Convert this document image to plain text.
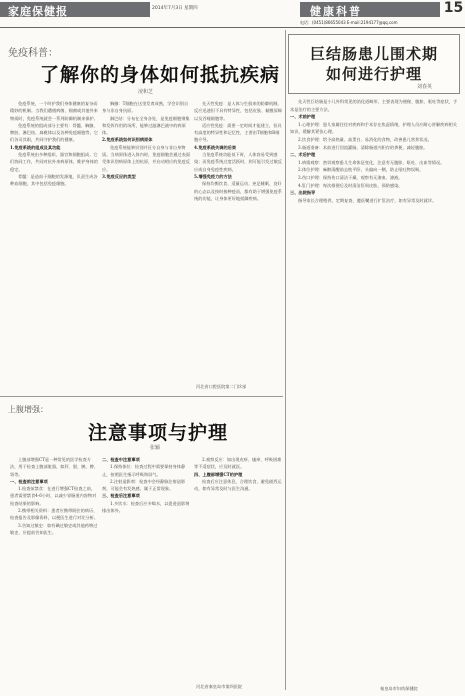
家庭保健报	2014年7月3日 星期四	健康科普	15
电话：(0451)86655043 E-mail:2194177@qq.com
免疫科普：
了解你的身体如何抵抗疾病
凌和芝

免疫系统，一个叫护我们身体健康的复杂而精妙的机制。当我们遭遇病菌、细菌或其他外来物质时，免疫系统就会一系列防御机制来保护。

免疫系统的组成部分主要有：骨髓、胸腺、脾脏、淋巴结、扁桃体以及各种免疫细胞等，它们各司其职，共同守护我们的健康。

1.免疫系统的组成及其功能

免疫系统由多种组织、器官和细胞组成。它们协同工作，共同对抗外来病原体，维护身体的稳定。

骨髓：是造血干细胞的发源地，负责生成各种血细胞，其中包括免疫细胞。

胸腺：T细胞在这里发育成熟，学会识别自身与非自身抗原。

淋巴结：分布在全身各处，是免疫细胞聚集和发挥作用的场所，能够过滤淋巴液中的病原体。

2.免疫系统如何识别病原体

免疫系统能够识别并区分自身与非自身物质。当病原体进入体内时，免疫细胞会通过表面受体识别病原体上的抗原，并启动相应的免疫反应。

3.免疫反应的类型

先天性免疫：是人体与生俱来的防御机制，反应迅速但不具有特异性，包括皮肤、黏膜屏障以及吞噬细胞等。

适应性免疫：需要一定时间才能建立，但具有高度的特异性和记忆性，主要由T细胞和B细胞介导。

4.免疫系统失调的后果

当免疫系统功能低下时，人体容易受到感染；而免疫系统过度活跃时，则可能引发过敏反应或自身免疫性疾病。

5.增强免疫力的方法

保持均衡饮食、适量运动、充足睡眠、良好的心态以及按时接种疫苗，都有助于增强免疫系统的功能，让身体更好地抵御疾病。

河北省口腔医院第二门诊部
上腹增强：
注意事项与护理
张颖

上腹部增强CT是一种常见的医学检查方法，用于检查上腹部脏器，如肝、胆、胰、脾、肾等。

一、检查前注意事项

1.检查前禁食：在进行增强CT检查之前，患者需要禁食4-6小时，以减少胃肠道内容物对检查结果的影响。

2.携带相关资料：患者应携带既往的病历、检查报告及影像资料，以便医生进行对比分析。

3.告知过敏史：如有碘过敏史或其他药物过敏史，应提前告知医生。

二、检查中注意事项

1.保持体位：检查过程中需要保持身体静止，按照医生指示呼吸和屏气。

2.注射造影剂：检查中会经静脉注射造影剂，可能会有发热感，属于正常现象。

三、检查后注意事项

1.多饮水：检查后应多喝水，以促进造影剂排出体外。

2.观察反应：如出现皮疹、瘙痒、呼吸困难等不适症状，应及时就医。

四、上腹部增强CT的护理

检查后应注意休息，合理饮食，避免剧烈运动，如有异常及时与医生沟通。

河北省秦皇岛市第四医院
巨结肠患儿围术期
如何进行护理
刘春英

先天性巨结肠是小儿外科常见的消化道畸形，主要表现为便秘、腹胀、呕吐等症状，手术是治疗的主要方法。

一、术前护理

1.心理护理：患儿家属往往对疾病和手术存在焦虑情绪，护理人员应耐心讲解疾病相关知识，缓解其紧张心理。

2.饮食护理：给予高热量、高蛋白、易消化的食物，改善患儿营养状况。

3.肠道准备：术前进行回流灌肠，清除肠道内积存的粪便，减轻腹胀。

二、术后护理

1.病情观察：密切观察患儿生命体征变化，注意有无腹胀、呕吐、出血等情况。

2.体位护理：麻醉清醒前去枕平卧，头偏向一侧，防止呕吐物误吸。

3.伤口护理：保持伤口清洁干燥，观察有无渗血、渗液。

4.肛门护理：每次排便后及时清洁肛周皮肤，预防感染。

三、出院指导

指导家长合理喂养，定期复查，遵医嘱进行扩肛治疗，如有异常及时就诊。

秦皇岛市妇幼保健院
